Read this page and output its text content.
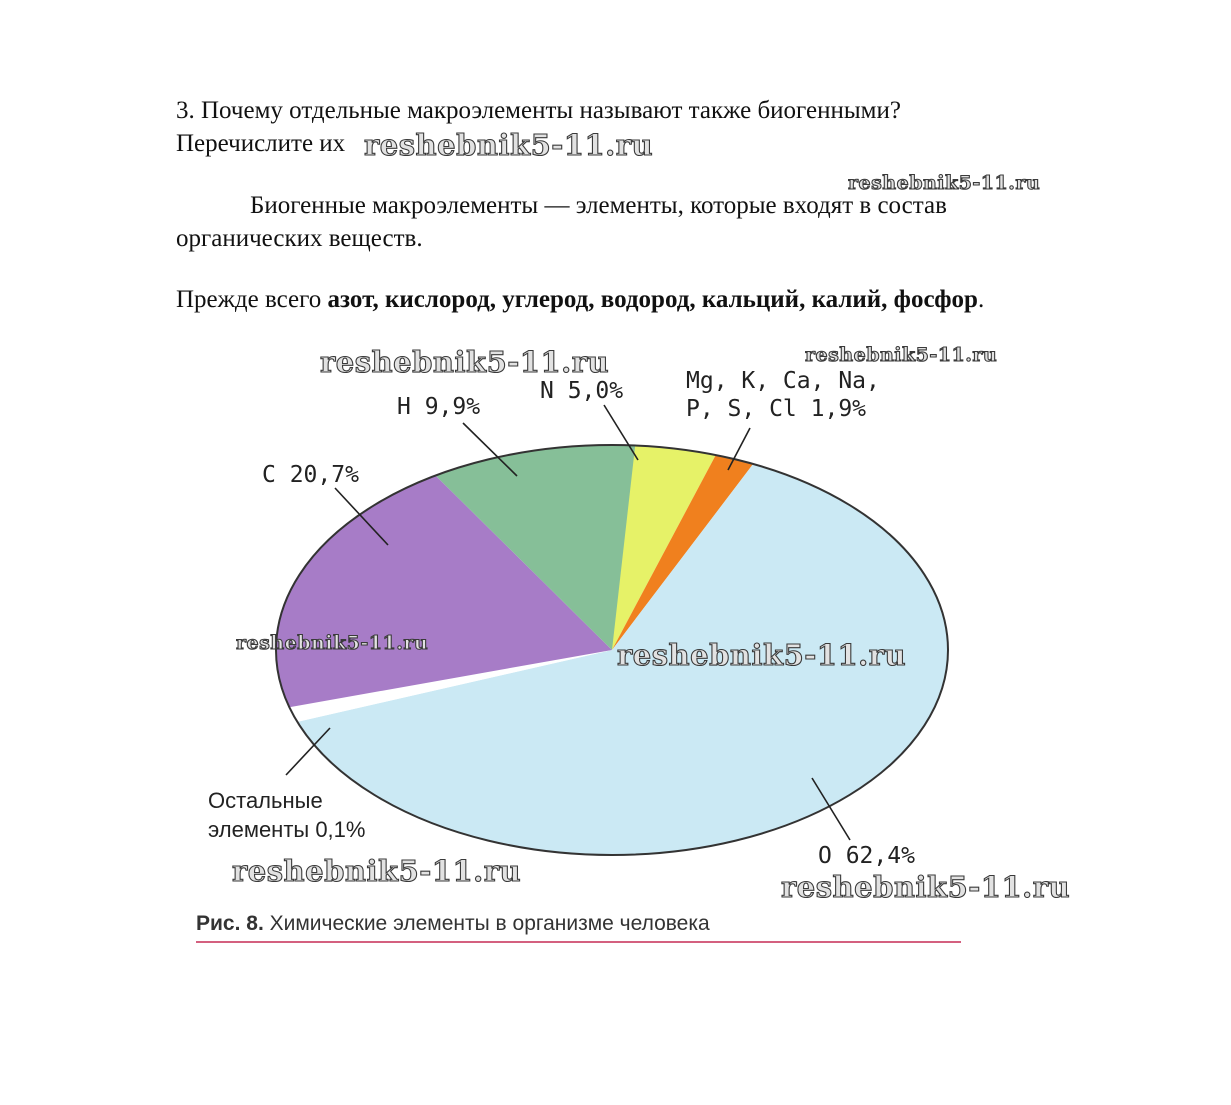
3. Почему отдельные макроэлементы называют также биогенными?
Перечислите их
Биогенные макроэлементы — элементы, которые входят в состав
органических веществ.
Прежде всего азот, кислород, углерод, водород, кальций, калий, фосфор.
O 62,4%
Остальные
элементы 0,1%
C 20,7%
H 9,9%
N 5,0%	Mg, K, Ca, Na,
P, S, Cl 1,9%
Рис. 8. Химические элементы в организме человека
reshebnik5-11.ru
reshebnik5-11.ru
reshebnik5-11.ru	reshebnik5-11.ru
reshebnik5-11.ru	reshebnik5-11.ru
reshebnik5-11.ru	reshebnik5-11.ru
